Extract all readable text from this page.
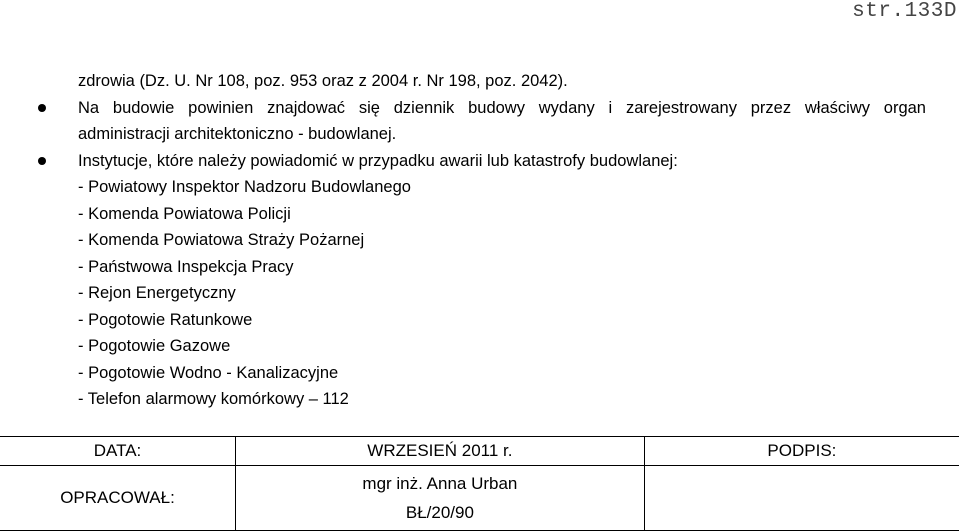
str.133D
zdrowia (Dz. U. Nr 108, poz. 953 oraz z 2004 r. Nr 198, poz. 2042).
Na budowie powinien znajdować się dziennik budowy wydany i zarejestrowany przez właściwy organ
administracji architektoniczno - budowlanej.
Instytucje, które należy powiadomić w przypadku awarii lub katastrofy budowlanej:
- Powiatowy Inspektor Nadzoru Budowlanego
- Komenda Powiatowa Policji
- Komenda Powiatowa Straży Pożarnej
- Państwowa Inspekcja Pracy
- Rejon Energetyczny
- Pogotowie Ratunkowe
- Pogotowie Gazowe
- Pogotowie Wodno - Kanalizacyjne
- Telefon alarmowy komórkowy – 112
DATA:	WRZESIEŃ 2011 r.	PODPIS:
OPRACOWAŁ:	mgr inż. Anna Urban
BŁ/20/90	
